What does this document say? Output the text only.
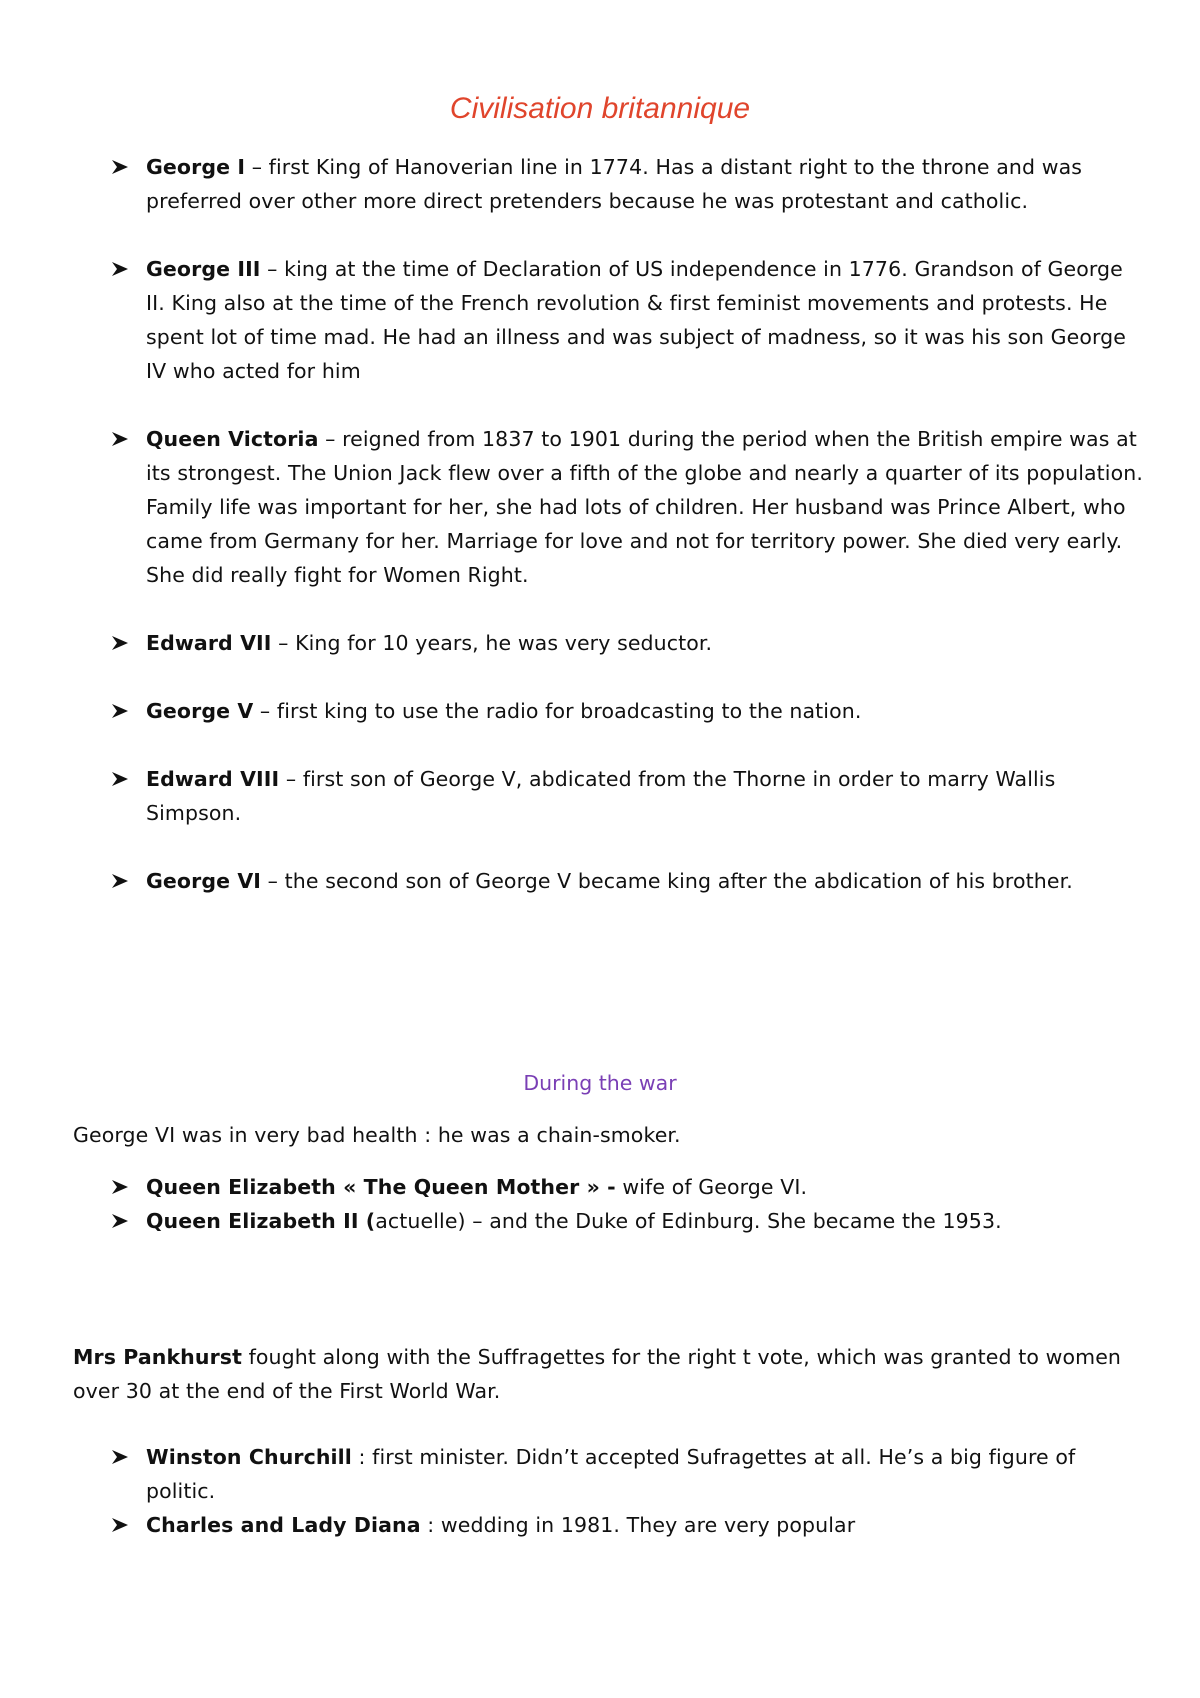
Civilisation britannique
George I – first King of Hanoverian line in 1774. Has a distant right to the throne and was preferred over other more direct pretenders because he was protestant and catholic.
George III – king at the time of Declaration of US independence in 1776. Grandson of George II. King also at the time of the French revolution & first feminist movements and protests. He spent lot of time mad. He had an illness and was subject of madness, so it was his son George IV who acted for him
Queen Victoria – reigned from 1837 to 1901 during the period when the British empire was at its strongest. The Union Jack flew over a fifth of the globe and nearly a quarter of its population. Family life was important for her, she had lots of children. Her husband was Prince Albert, who came from Germany for her. Marriage for love and not for territory power. She died very early. She did really fight for Women Right.
Edward VII – King for 10 years, he was very seductor.
George V – first king to use the radio for broadcasting to the nation.
Edward VIII – first son of George V, abdicated from the Thorne in order to marry Wallis Simpson.
George VI – the second son of George V became king after the abdication of his brother.
During the war
George VI was in very bad health : he was a chain-smoker.
Queen Elizabeth « The Queen Mother » - wife of George VI.
Queen Elizabeth II (actuelle) – and the Duke of Edinburg. She became the 1953.
Mrs Pankhurst fought along with the Suffragettes for the right t vote, which was granted to women over 30 at the end of the First World War.
Winston Churchill : first minister. Didn’t accepted Sufragettes at all. He’s a big figure of politic.
Charles and Lady Diana : wedding in 1981. They are very popular
